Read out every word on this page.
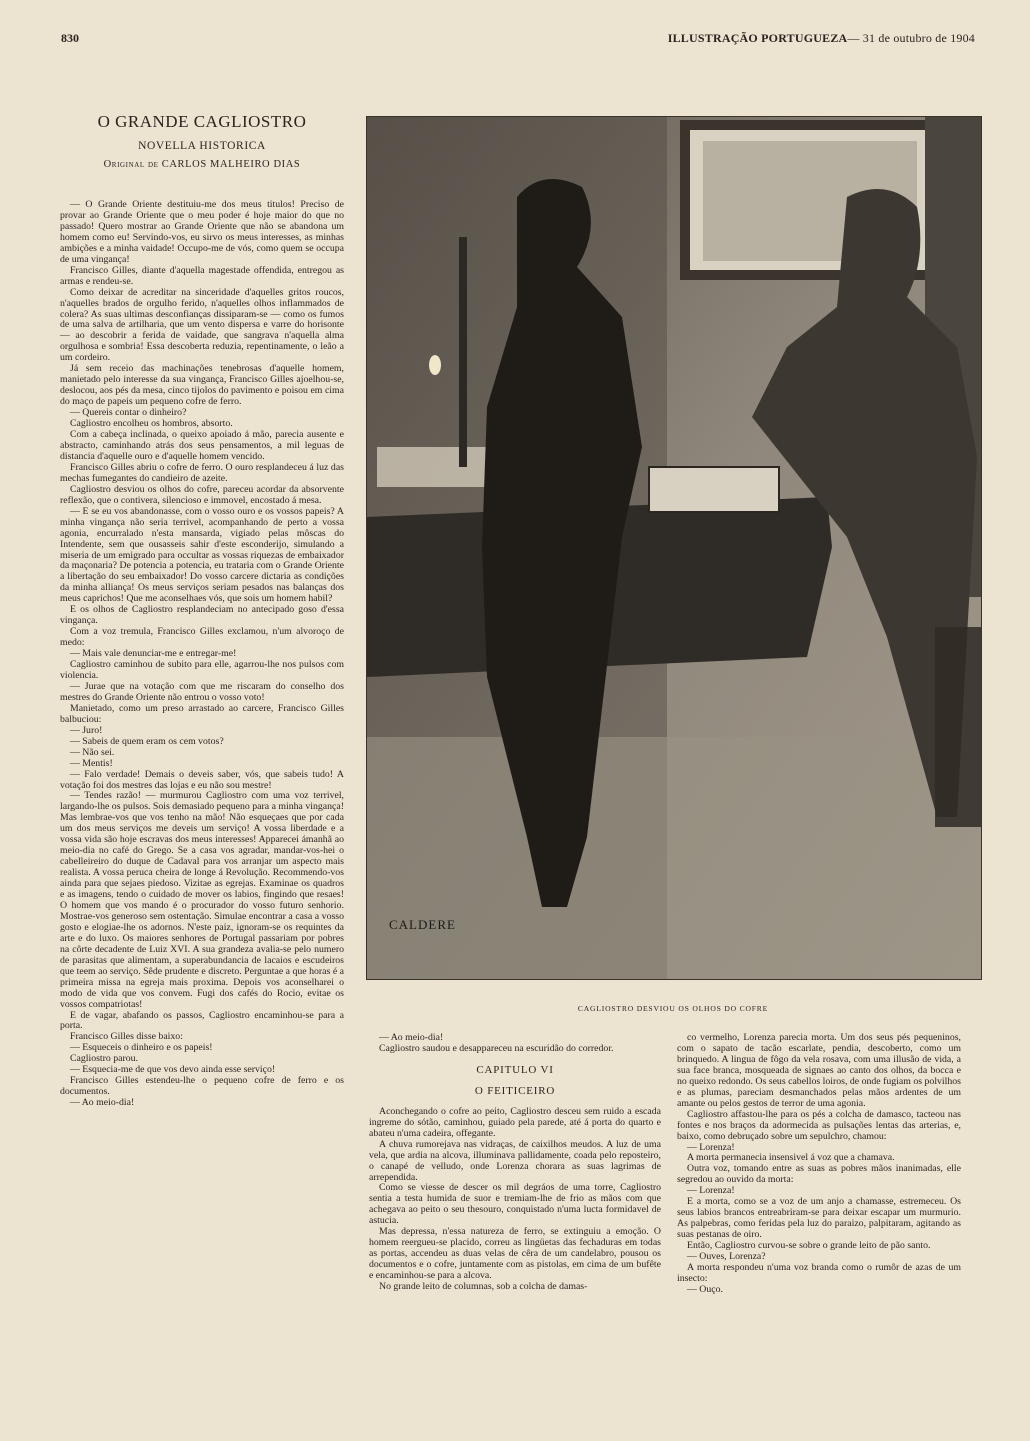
830	ILLUSTRAÇÃO PORTUGUEZA— 31 de outubro de 1904
O GRANDE CAGLIOSTRO
NOVELLA HISTORICA
Original de CARLOS MALHEIRO DIAS

— O Grande Oriente destituiu-me dos meus titulos! Preciso de provar ao Grande Oriente que o meu poder é hoje maior do que no passado! Quero mostrar ao Grande Oriente que não se abandona um homem como eu! Servindo-vos, eu sirvo os meus interesses, as minhas ambições e a minha vaidade! Occupo-me de vós, como quem se occupa de uma vingança!

Francisco Gilles, diante d'aquella magestade offendida, entregou as armas e rendeu-se.

Como deixar de acreditar na sinceridade d'aquelles gritos roucos, n'aquelles brados de orgulho ferido, n'aquelles olhos inflammados de colera? As suas ultimas desconfianças dissiparam-se — como os fumos de uma salva de artilharia, que um vento dispersa e varre do horisonte — ao descobrir a ferida de vaidade, que sangrava n'aquella alma orgulhosa e sombria! Essa descoberta reduzia, repentinamente, o leão a um cordeiro.

Já sem receio das machinações tenebrosas d'aquelle homem, manietado pelo interesse da sua vingança, Francisco Gilles ajoelhou-se, deslocou, aos pés da mesa, cinco tijolos do pavimento e poisou em cima do maço de papeis um pequeno cofre de ferro.

— Quereis contar o dinheiro?

Cagliostro encolheu os hombros, absorto.

Com a cabeça inclinada, o queixo apoiado á mão, parecia ausente e abstracto, caminhando atrás dos seus pensamentos, a mil leguas de distancia d'aquelle ouro e d'aquelle homem vencido.

Francisco Gilles abriu o cofre de ferro. O ouro resplandeceu á luz das mechas fumegantes do candieiro de azeite.

Cagliostro desviou os olhos do cofre, pareceu acordar da absorvente reflexão, que o contivera, silencioso e immovel, encostado á mesa.

— E se eu vos abandonasse, com o vosso ouro e os vossos papeis? A minha vingança não seria terrivel, acompanhando de perto a vossa agonia, encurralado n'esta mansarda, vigiado pelas môscas do Intendente, sem que ousasseis sahir d'este esconderijo, simulando a miseria de um emigrado para occultar as vossas riquezas de embaixador da maçonaria? De potencia a potencia, eu trataria com o Grande Oriente a libertação do seu embaixador! Do vosso carcere dictaria as condições da minha alliança! Os meus serviços seriam pesados nas balanças dos meus caprichos! Que me aconselhaes vós, que sois um homem habil?

E os olhos de Cagliostro resplandeciam no antecipado goso d'essa vingança.

Com a voz tremula, Francisco Gilles exclamou, n'um alvoroço de medo:

— Mais vale denunciar-me e entregar-me!

Cagliostro caminhou de subito para elle, agarrou-lhe nos pulsos com violencia.

— Jurae que na votação com que me riscaram do conselho dos mestres do Grande Oriente não entrou o vosso voto!

Manietado, como um preso arrastado ao carcere, Francisco Gilles balbuciou:

— Juro!

— Sabeis de quem eram os cem votos?

— Não sei.

— Mentis!

— Falo verdade! Demais o deveis saber, vós, que sabeis tudo! A votação foi dos mestres das lojas e eu não sou mestre!

— Tendes razão! — murmurou Cagliostro com uma voz terrivel, largando-lhe os pulsos. Sois demasiado pequeno para a minha vingança! Mas lembrae-vos que vos tenho na mão! Não esqueçaes que por cada um dos meus serviços me deveis um serviço! A vossa liberdade e a vossa vida são hoje escravas dos meus interesses! Apparecei ámanhã ao meio-dia no café do Grego. Se a casa vos agradar, mandar-vos-hei o cabelleireiro do duque de Cadaval para vos arranjar um aspecto mais realista. A vossa peruca cheira de longe á Revolução. Recommendo-vos ainda para que sejaes piedoso. Vizitae as egrejas. Examinae os quadros e as imagens, tendo o cuidado de mover os labios, fingindo que resaes! O homem que vos mando é o procurador do vosso futuro senhorio. Mostrae-vos generoso sem ostentação. Simulae encontrar a casa a vosso gosto e elogiae-lhe os adornos. N'este paiz, ignoram-se os requintes da arte e do luxo. Os maiores senhores de Portugal passariam por pobres na côrte decadente de Luiz XVI. A sua grandeza avalia-se pelo numero de parasitas que alimentam, a superabundancia de lacaios e escudeiros que teem ao serviço. Sêde prudente e discreto. Perguntae a que horas é a primeira missa na egreja mais proxima. Depois vos aconselharei o modo de vida que vos convem. Fugi dos cafés do Rocio, evitae os vossos compatriotas!

E de vagar, abafando os passos, Cagliostro encaminhou-se para a porta.

Francisco Gilles disse baixo:

— Esqueceis o dinheiro e os papeis!

Cagliostro parou.

— Esquecia-me de que vos devo ainda esse serviço!

Francisco Gilles estendeu-lhe o pequeno cofre de ferro e os documentos.

— Ao meio-dia!

CALDERE
CAGLIOSTRO DESVIOU OS OLHOS DO COFRE

— Ao meio-dia!

Cagliostro saudou e desappareceu na escuridão do corredor.

CAPITULO VI
O FEITICEIRO

Aconchegando o cofre ao peito, Cagliostro desceu sem ruido a escada ingreme do sótão, caminhou, guiado pela parede, até á porta do quarto e abateu n'uma cadeira, offegante.

A chuva rumorejava nas vidraças, de caixilhos meudos. A luz de uma vela, que ardia na alcova, illuminava pallidamente, coada pelo reposteiro, o canapé de velludo, onde Lorenza chorara as suas lagrimas de arrependida.

Como se viesse de descer os mil degráos de uma torre, Cagliostro sentia a testa humida de suor e tremiam-lhe de frio as mãos com que achegava ao peito o seu thesouro, conquistado n'uma lucta formidavel de astucia.

Mas depressa, n'essa natureza de ferro, se extinguiu a emoção. O homem reergueu-se placido, correu as lingüetas das fechaduras em todas as portas, accendeu as duas velas de cêra de um candelabro, pousou os documentos e o cofre, juntamente com as pistolas, em cima de um bufête e encaminhou-se para a alcova.

No grande leito de columnas, sob a colcha de damas-

co vermelho, Lorenza parecia morta. Um dos seus pés pequeninos, com o sapato de tacão escarlate, pendia, descoberto, como um brinquedo. A lingua de fôgo da vela rosava, com uma illusão de vida, a sua face branca, mosqueada de signaes ao canto dos olhos, da bocca e no queixo redondo. Os seus cabellos loiros, de onde fugiam os polvilhos e as plumas, pareciam desmanchados pelas mãos ardentes de um amante ou pelos gestos de terror de uma agonia.

Cagliostro affastou-lhe para os pés a colcha de damasco, tacteou nas fontes e nos braços da adormecida as pulsações lentas das arterias, e, baixo, como debruçado sobre um sepulchro, chamou:

— Lorenza!

A morta permanecia insensivel á voz que a chamava.

Outra voz, tomando entre as suas as pobres mãos inanimadas, elle segredou ao ouvido da morta:

— Lorenza!

E a morta, como se a voz de um anjo a chamasse, estremeceu. Os seus labios brancos entreabriram-se para deixar escapar um murmurio. As palpebras, como feridas pela luz do paraizo, palpitaram, agitando as suas pestanas de oiro.

Então, Cagliostro curvou-se sobre o grande leito de pão santo.

— Ouves, Lorenza?

A morta respondeu n'uma voz branda como o rumôr de azas de um insecto:

— Ouço.
